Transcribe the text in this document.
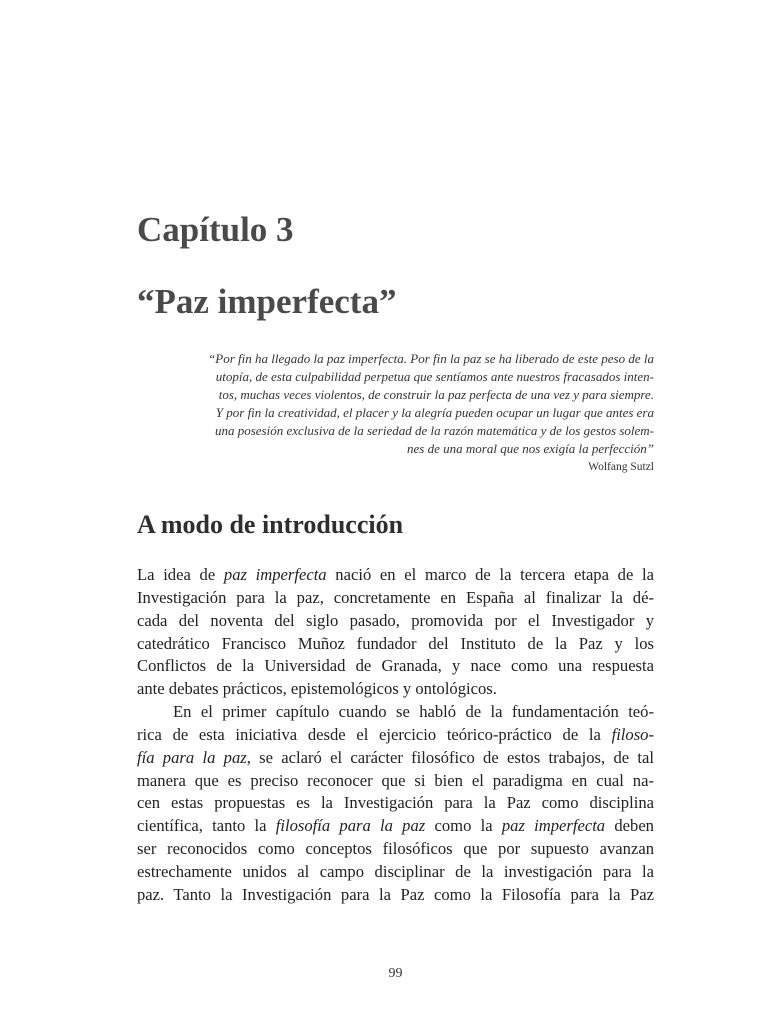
Capítulo 3
“Paz imperfecta”

“Por fin ha llegado la paz imperfecta. Por fin la paz se ha liberado de este peso de la
utopía, de esta culpabilidad perpetua que sentíamos ante nuestros fracasados inten-
tos, muchas veces violentos, de construir la paz perfecta de una vez y para siempre.
Y por fin la creatividad, el placer y la alegría pueden ocupar un lugar que antes era
una posesión exclusiva de la seriedad de la razón matemática y de los gestos solem-
nes de una moral que nos exigía la perfección”

Wolfang Sutzl

A modo de introducción
La idea de paz imperfecta nació en el marco de la tercera etapa de la
Investigación para la paz, concretamente en España al finalizar la dé-
cada del noventa del siglo pasado, promovida por el Investigador y
catedrático Francisco Muñoz fundador del Instituto de la Paz y los
Conflictos de la Universidad de Granada, y nace como una respuesta
ante debates prácticos, epistemológicos y ontológicos.
En el primer capítulo cuando se habló de la fundamentación teó-
rica de esta iniciativa desde el ejercicio teórico-práctico de la filoso-
fía para la paz, se aclaró el carácter filosófico de estos trabajos, de tal
manera que es preciso reconocer que si bien el paradigma en cual na-
cen estas propuestas es la Investigación para la Paz como disciplina
científica, tanto la filosofía para la paz como la paz imperfecta deben
ser reconocidos como conceptos filosóficos que por supuesto avanzan
estrechamente unidos al campo disciplinar de la investigación para la
paz. Tanto la Investigación para la Paz como la Filosofía para la Paz

99
